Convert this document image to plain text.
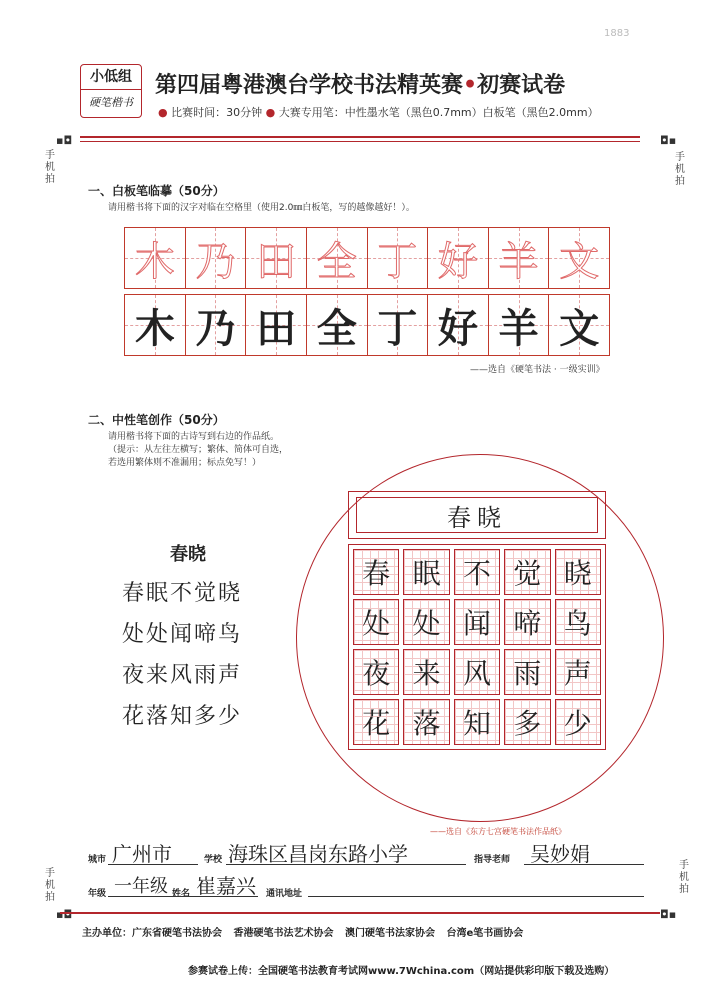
1883
小低组
硬笔楷书
第四届粤港澳台学校书法精英赛•初赛试卷
● 比赛时间：30分钟 ● 大赛专用笔：中性墨水笔（黑色0.7mm）白板笔（黑色2.0mm）
▪◘
手机拍
◘▪
手机拍
手机拍
▪◘
手机拍
◘▪
一、白板笔临摹（50分）
请用楷书将下面的汉字对临在空格里（使用2.0㎜白板笔，写的越像越好！）。
木 乃 田 全 丁 好 羊 文
木 乃 田 全 丁 好 羊 文
——选自《硬笔书法 · 一级实训》
二、中性笔创作（50分）
请用楷书将下面的古诗写到右边的作品纸。
（提示：从左往左横写；繁体、简体可自选，
若选用繁体则不准漏用；标点免写！）
春晓
春眠不觉晓
处处闻啼鸟
夜来风雨声
花落知多少
春晓
春 眠 不 觉 晓
处 处 闻 啼 鸟
夜 来 风 雨 声
花 落 知 多 少
——选自《东方七宫硬笔书法作品纸》
城市 广州市	学校 海珠区昌岗东路小学	指导老师 吴妙娟
年级 一年级 姓名 崔嘉兴 通讯地址
主办单位：广东省硬笔书法协会 香港硬笔书法艺术协会 澳门硬笔书法家协会 台湾e笔书画协会
参赛试卷上传：全国硬笔书法教育考试网www.7Wchina.com（网站提供彩印版下载及选购）
